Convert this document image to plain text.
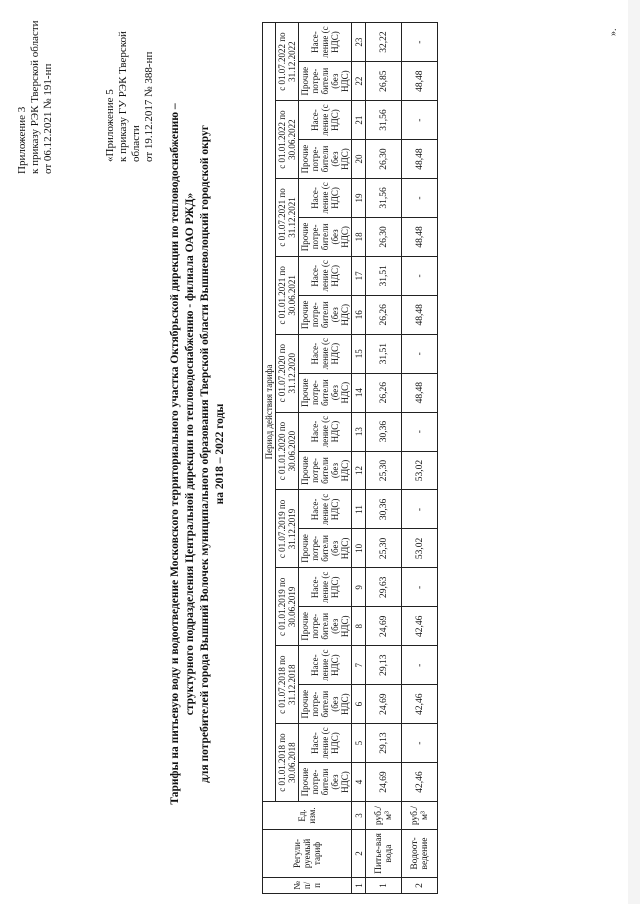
Приложение 3 к приказу РЭК Тверской области от 06.12.2021 № 191-нп	«Приложение 5 к приказу ГУ РЭК Тверской области от 19.12.2017 № 388-нп Тарифы на питьевую воду и водоотведение Московского территориального участка Октябрьской дирекции по тепловодоснабжению – структурного подразделения Центральной дирекции по тепловодоснабжению - филиала ОАО РЖД» для потребителей города Вышний Волочек муниципального образования Тверской области Вышневолоцкий городской округ на 2018 – 2022 годы
№ п/ п	Регули-руемый тариф	Ед. изм.	Период действия тарифа																			
			с 01.01.2018 по 30.06.2018		с 01.07.2018 по 31.12.2018		с 01.01.2019 по 30.06.2019		с 01.07.2019 по 31.12.2019		с 01.01.2020 по 30.06.2020		с 01.07.2020 по 31.12.2020		с 01.01.2021 по 30.06.2021		с 01.07.2021 по 31.12.2021		с 01.01.2022 по 30.06.2022		с 01.07.2022 по 31.12.2022	
			Прочие потре-бители (без НДС)	Насе-ление (с НДС)	Прочие потре-бители (без НДС)	Насе-ление (с НДС)	Прочие потре-бители (без НДС)	Насе-ление (с НДС)	Прочие потре-бители (без НДС)	Насе-ление (с НДС)	Прочие потре-бители (без НДС)	Насе-ление (с НДС)	Прочие потре-бители (без НДС)	Насе-ление (с НДС)	Прочие потре-бители (без НДС)	Насе-ление (с НДС)	Прочие потре-бители (без НДС)	Насе-ление (с НДС)	Прочие потре-бители (без НДС)	Насе-ление (с НДС)	Прочие потре-бители (без НДС)	Насе-ление (с НДС)
1	2	3	4	5	6	7	8	9	10	11	12	13	14	15	16	17	18	19	20	21	22	23
1	Питье-вая вода	руб./м³	24,69	29,13	24,69	29,13	24,69	29,63	25,30	30,36	25,30	30,36	26,26	31,51	26,26	31,51	26,30	31,56	26,30	31,56	26,85	32,22
2	Водоот-ведение	руб./м³	42,46	-	42,46	-	42,46	-	53,02	-	53,02	-	48,48	-	48,48	-	48,48	-	48,48	-	48,48	-
».
